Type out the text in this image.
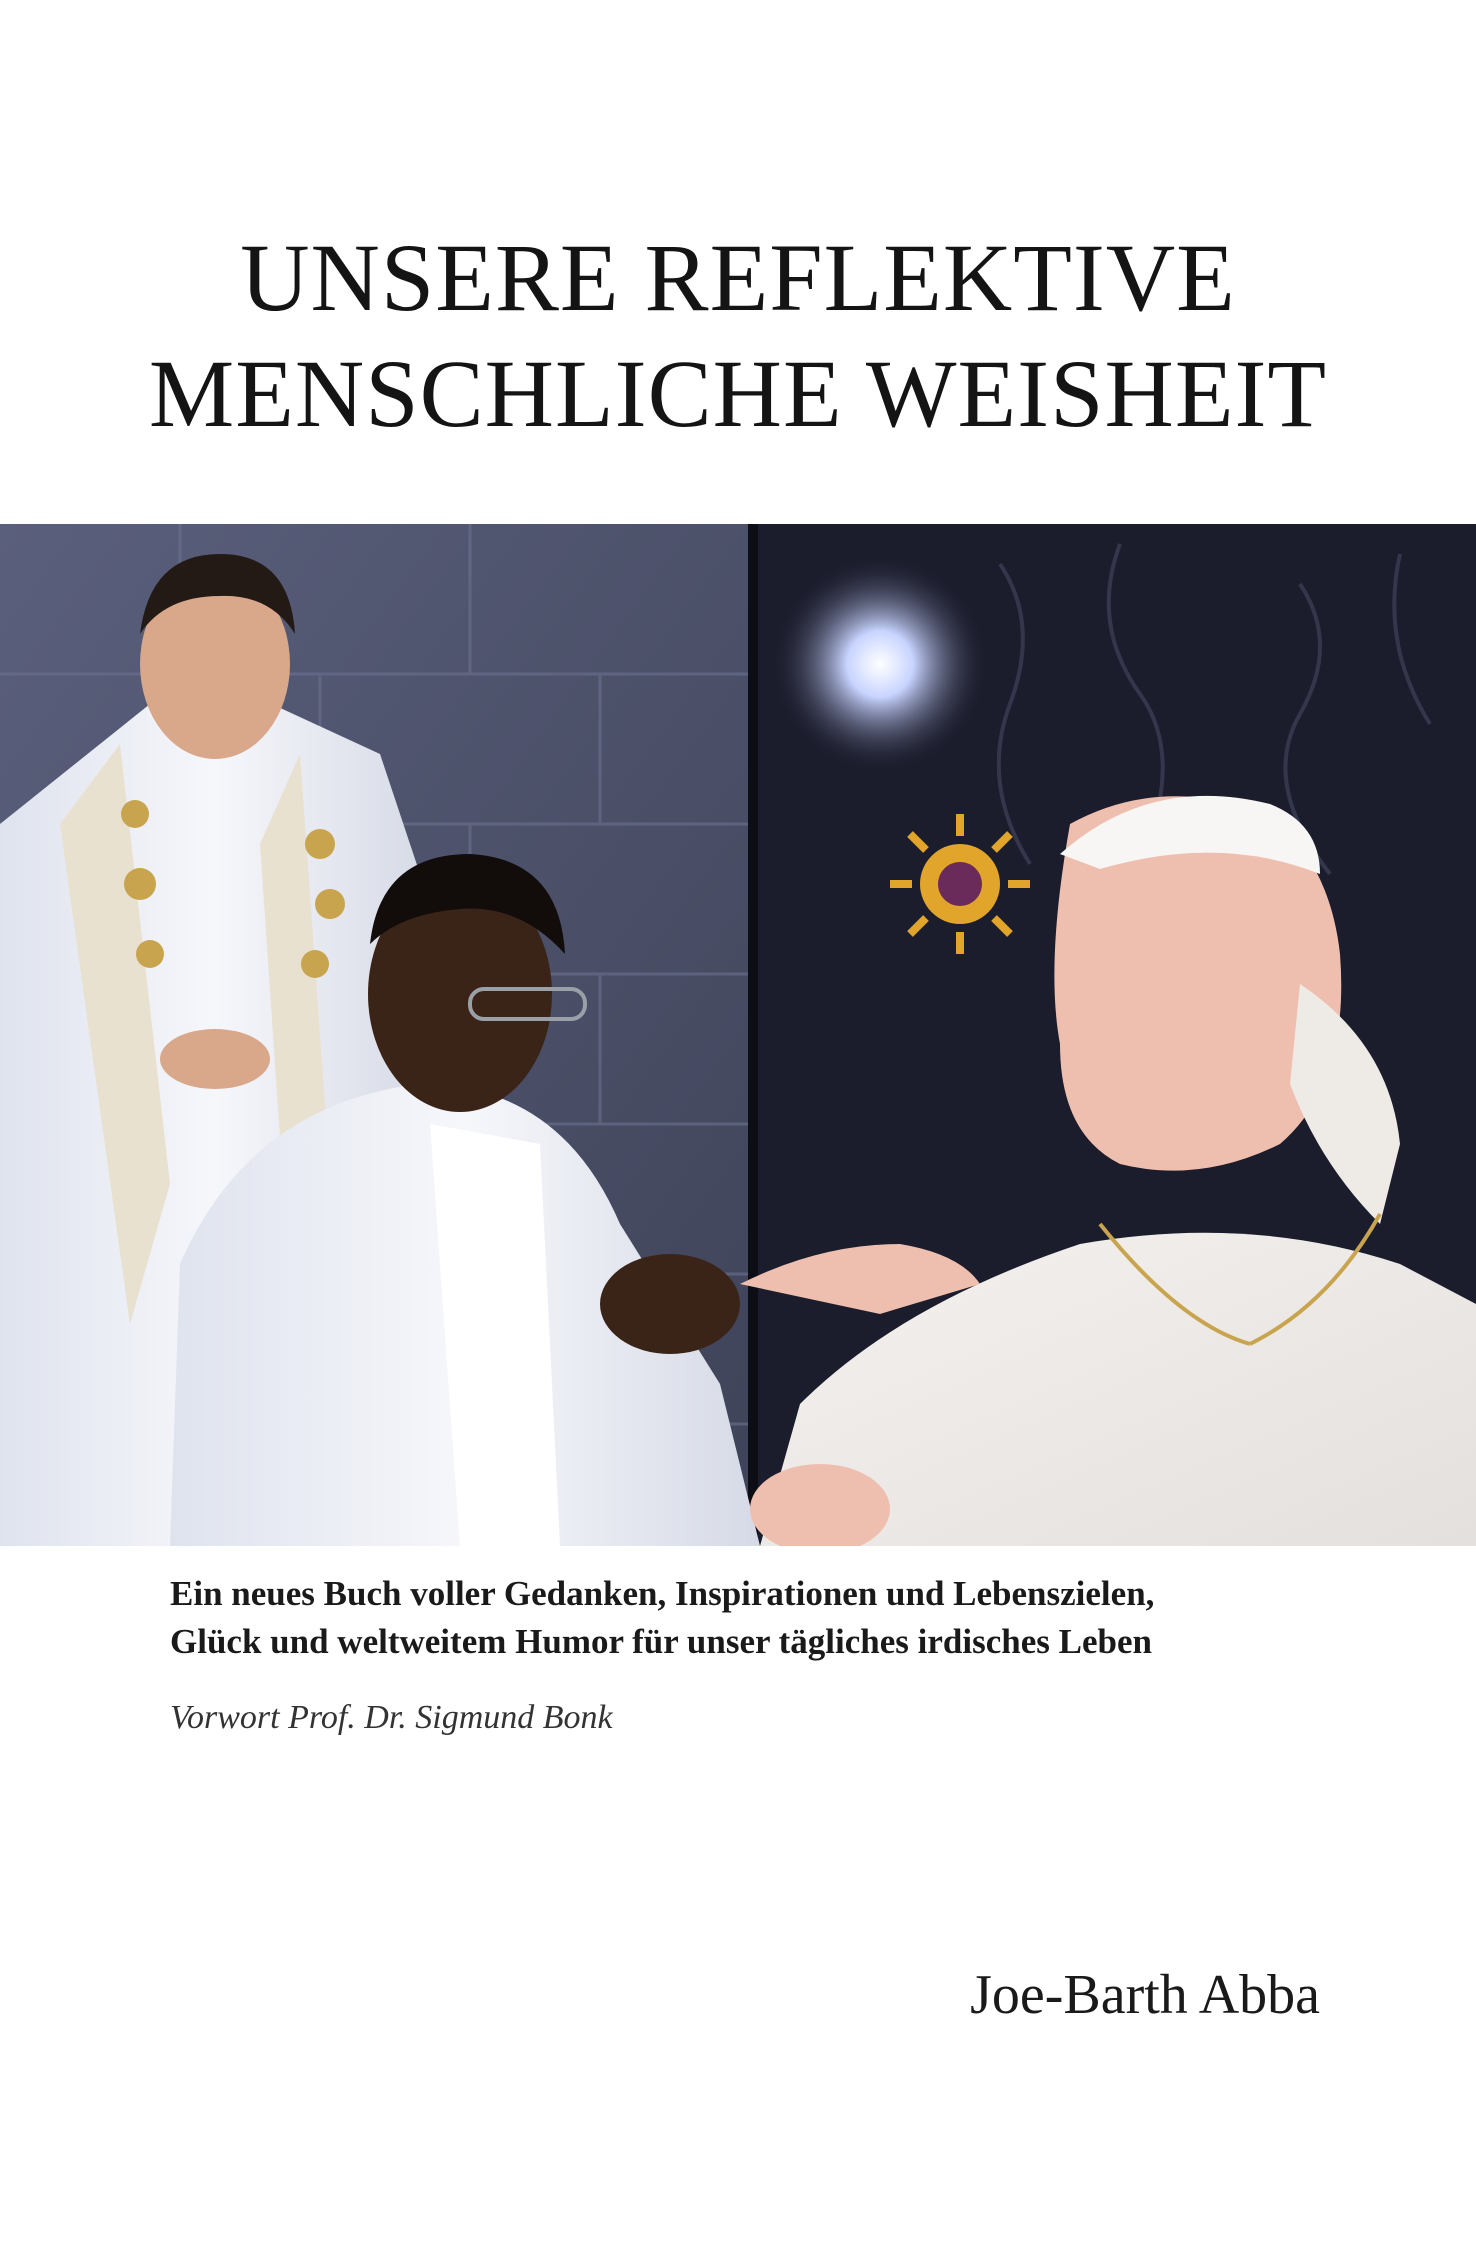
UNSERE REFLEKTIVE
MENSCHLICHE WEISHEIT
Ein neues Buch voller Gedanken, Inspirationen und Lebenszielen,
Glück und weltweitem Humor für unser tägliches irdisches Leben

Vorwort Prof. Dr. Sigmund Bonk

Joe-Barth Abba
